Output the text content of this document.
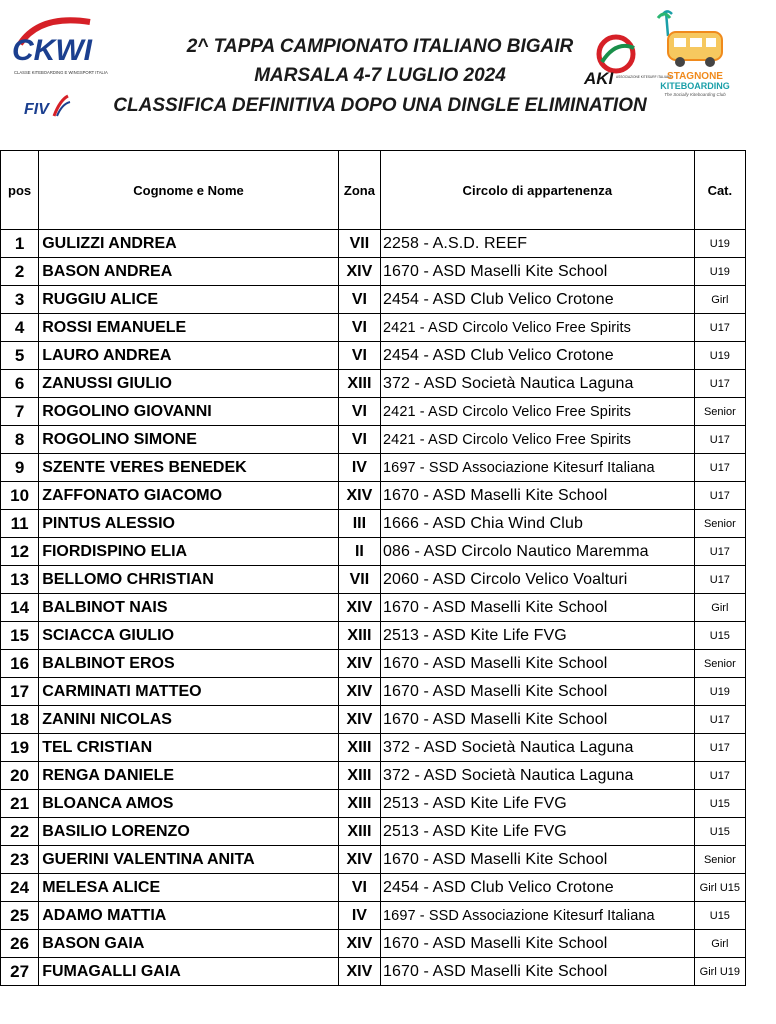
CKWI
CLASSE KITEBOARDING E WINGSPORT ITALIA
FIV
AKI ASSOCIAZIONE KITESURF ITALIANA
STAGNONE
KITEBOARDING
The Socially Kiteboarding Club
2^ TAPPA CAMPIONATO ITALIANO BIGAIR
MARSALA 4-7 LUGLIO 2024
CLASSIFICA DEFINITIVA DOPO UNA DINGLE ELIMINATION
pos	Cognome e Nome	Zona	Circolo di appartenenza	Cat.
1	GULIZZI ANDREA	VII	2258 - A.S.D. REEF	U19
2	BASON ANDREA	XIV	1670 - ASD Maselli Kite School	U19
3	RUGGIU ALICE	VI	2454 - ASD Club Velico Crotone	Girl
4	ROSSI EMANUELE	VI	2421 - ASD Circolo Velico Free Spirits	U17
5	LAURO ANDREA	VI	2454 - ASD Club Velico Crotone	U19
6	ZANUSSI GIULIO	XIII	372 - ASD Società Nautica Laguna	U17
7	ROGOLINO GIOVANNI	VI	2421 - ASD Circolo Velico Free Spirits	Senior
8	ROGOLINO SIMONE	VI	2421 - ASD Circolo Velico Free Spirits	U17
9	SZENTE VERES BENEDEK	IV	1697 - SSD Associazione Kitesurf Italiana	U17
10	ZAFFONATO GIACOMO	XIV	1670 - ASD Maselli Kite School	U17
11	PINTUS ALESSIO	III	1666 - ASD Chia Wind Club	Senior
12	FIORDISPINO ELIA	II	086 - ASD Circolo Nautico Maremma	U17
13	BELLOMO CHRISTIAN	VII	2060 - ASD Circolo Velico Voalturi	U17
14	BALBINOT NAIS	XIV	1670 - ASD Maselli Kite School	Girl
15	SCIACCA GIULIO	XIII	2513 - ASD Kite Life FVG	U15
16	BALBINOT EROS	XIV	1670 - ASD Maselli Kite School	Senior
17	CARMINATI MATTEO	XIV	1670 - ASD Maselli Kite School	U19
18	ZANINI NICOLAS	XIV	1670 - ASD Maselli Kite School	U17
19	TEL CRISTIAN	XIII	372 - ASD Società Nautica Laguna	U17
20	RENGA DANIELE	XIII	372 - ASD Società Nautica Laguna	U17
21	BLOANCA AMOS	XIII	2513 - ASD Kite Life FVG	U15
22	BASILIO LORENZO	XIII	2513 - ASD Kite Life FVG	U15
23	GUERINI VALENTINA ANITA	XIV	1670 - ASD Maselli Kite School	Senior
24	MELESA ALICE	VI	2454 - ASD Club Velico Crotone	Girl U15
25	ADAMO MATTIA	IV	1697 - SSD Associazione Kitesurf Italiana	U15
26	BASON GAIA	XIV	1670 - ASD Maselli Kite School	Girl
27	FUMAGALLI GAIA	XIV	1670 - ASD Maselli Kite School	Girl U19
